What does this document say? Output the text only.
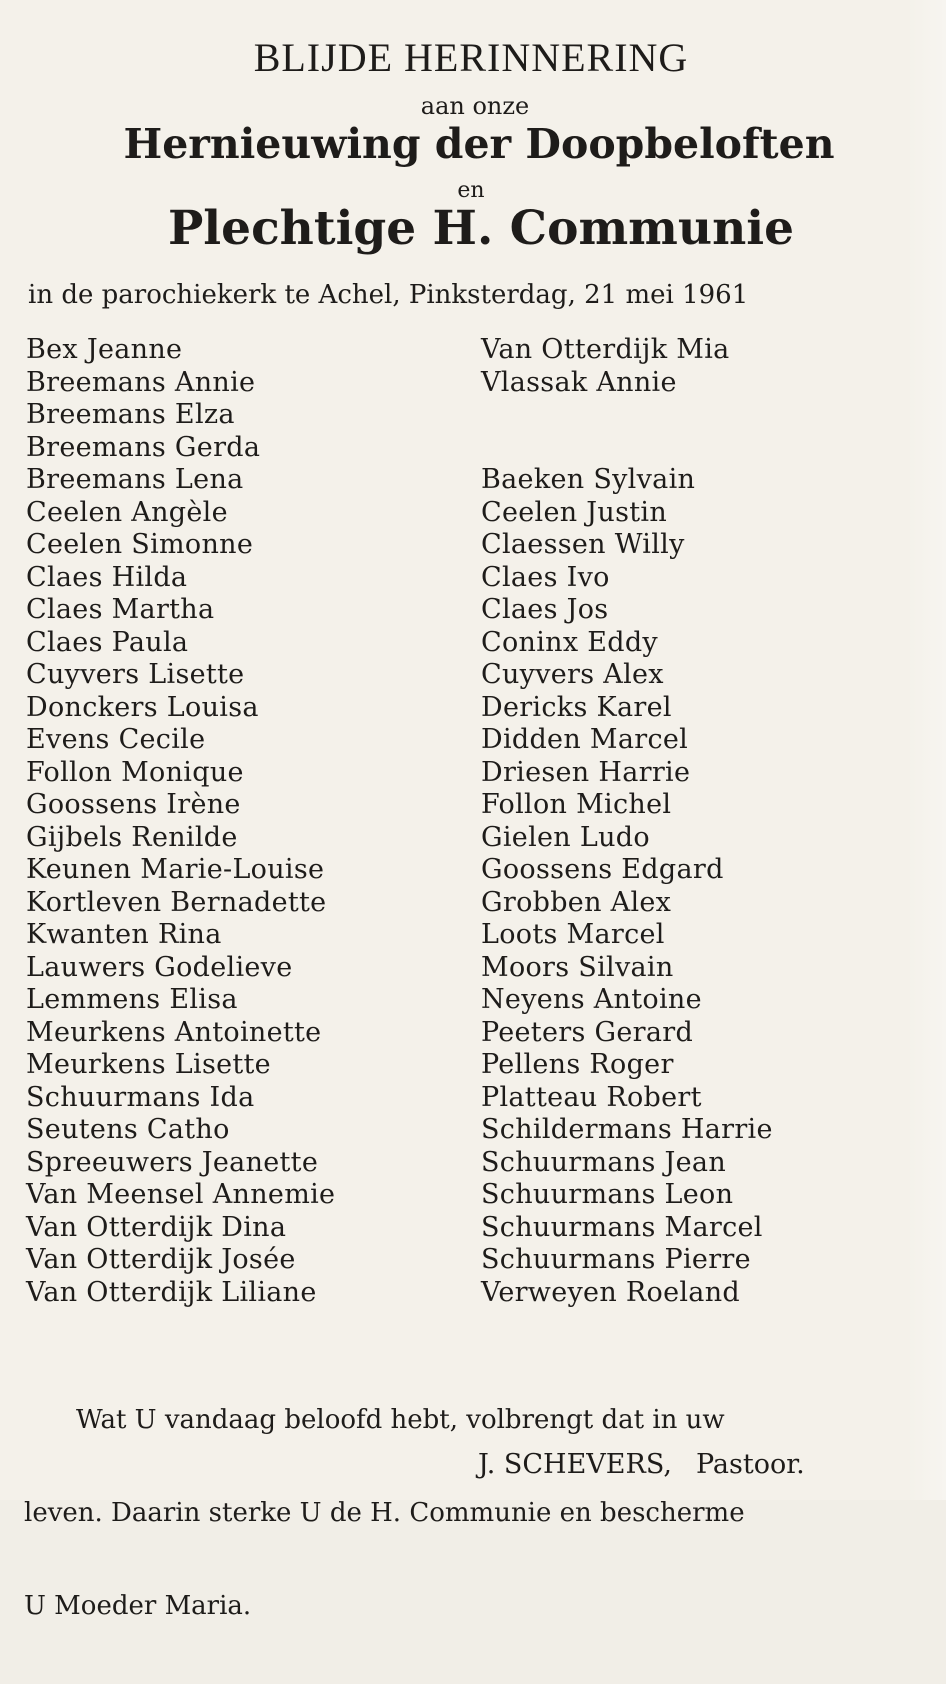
BLIJDE HERINNERING
aan onze
Hernieuwing der Doopbeloften
en
Plechtige H. Communie
in de parochiekerk te Achel, Pinksterdag, 21 mei 1961
Bex Jeanne
Breemans Annie
Breemans Elza
Breemans Gerda
Breemans Lena
Ceelen Angèle
Ceelen Simonne
Claes Hilda
Claes Martha
Claes Paula
Cuyvers Lisette
Donckers Louisa
Evens Cecile
Follon Monique
Goossens Irène
Gijbels Renilde
Keunen Marie-Louise
Kortleven Bernadette
Kwanten Rina
Lauwers Godelieve
Lemmens Elisa
Meurkens Antoinette
Meurkens Lisette
Schuurmans Ida
Seutens Catho
Spreeuwers Jeanette
Van Meensel Annemie
Van Otterdijk Dina
Van Otterdijk Josée
Van Otterdijk Liliane
Van Otterdijk Mia
Vlassak Annie
Baeken Sylvain
Ceelen Justin
Claessen Willy
Claes Ivo
Claes Jos
Coninx Eddy
Cuyvers Alex
Dericks Karel
Didden Marcel
Driesen Harrie
Follon Michel
Gielen Ludo
Goossens Edgard
Grobben Alex
Loots Marcel
Moors Silvain
Neyens Antoine
Peeters Gerard
Pellens Roger
Platteau Robert
Schildermans Harrie
Schuurmans Jean
Schuurmans Leon
Schuurmans Marcel
Schuurmans Pierre
Verweyen Roeland

Wat U vandaag beloofd hebt, volbrengt dat in uw

leven. Daarin sterke U de H. Communie en bescherme

U Moeder Maria.

J. SCHEVERS, Pastoor.
